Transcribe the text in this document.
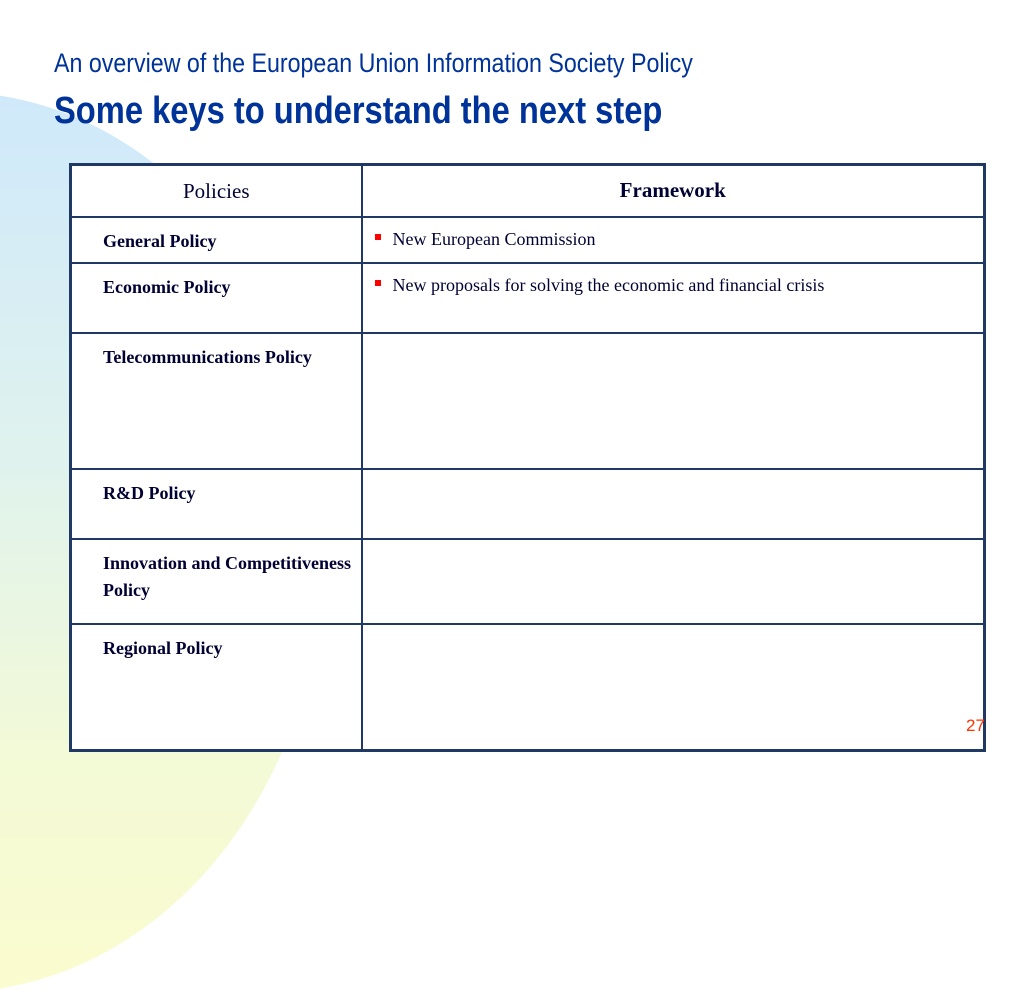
An overview of the European Union Information Society Policy
Some keys to understand the next step
Policies	Framework
General Policy	New European Commission

Economic Policy	New proposals for solving the economic and financial crisis

Telecommunications Policy	
R&D Policy	
Innovation and Competitiveness Policy	
Regional Policy	
27
